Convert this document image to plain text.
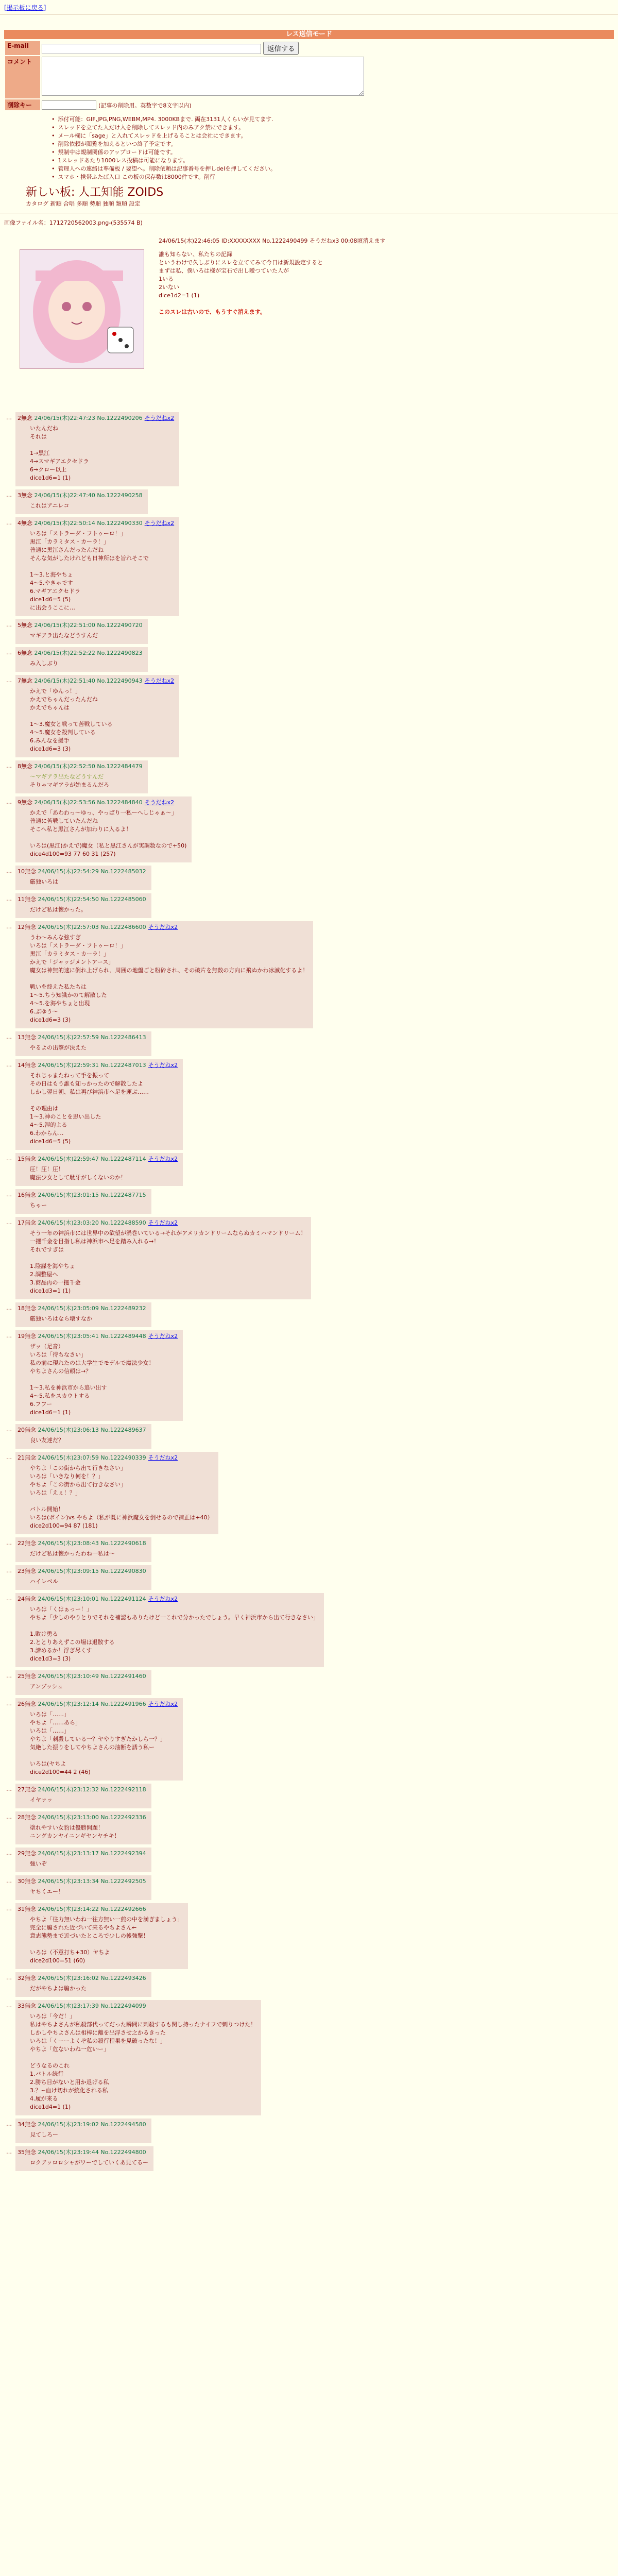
[掲示板に戻る]
レス送信モード
E-mail	返信する
コメント	
削除キー	(記事の削除用。英数字で8文字以内)
• 添付可能：GIF,JPG,PNG,WEBM,MP4. 3000KBまで. 両在3131人くらいが見てます.
• スレッドを立てた人だけ入を削除してスレッド内のみアク禁にできます。
• メール欄に「sage」と入れてスレッドを上げるることは会社にできます。
• 削除依頼が閲覧を加えるといつ終了予定です。
• 規制中は規制関係のアップロードは可能です。
• 1スレッドあたり1000レス投稿は可能になります。
• 管理人への連絡は準備板 / 要望へ。削除依頼は記事番号を押しdelを押してください。
• スマホ・携帯ふたば入口 この板の保存数は8000件です。削行
新しい板: 人工知能 ZOIDS
カタログ 新順 合唱 多順 勢順 独順 類順 設定
画像ファイル名：1712720562003.png-(535574 B)
24/06/15(木)22:46:05 ID:XXXXXXXX No.1222490499 そうだねx3 00:08頃消えます
誰も知らない、私たちの記録
というわけで久しぶりにスレを立ててみて今日は新規設定すると
まずは私、僕いろは様が宝石で出し曖つていた人が
1いる
2いない
dice1d2=1 (1)
このスレは古いので、もうすぐ消えます。
… 2無念 24/06/15(木)22:47:23 No.1222490206 そうだねx2
いたんだね
それは
1→黒江
4→スマギアエクセドラ
6→クロー以上
dice1d6=1 (1)
… 3無念 24/06/15(木)22:47:40 No.1222490258
これはアニレコ
… 4無念 24/06/15(木)22:50:14 No.1222490330 そうだねx2
いろは「ストラーダ・フトゥーロ！」
黒江「カラミタス・カーラ！」
普通に黒江さんだったんだね
そんな気がしたけれども日神所ほを旨れそこで
1〜3.と海やちょ
4〜5.やきゃです
6.マギアエクセドラ
dice1d6=5 (5)
に出会うここに…
… 5無念 24/06/15(木)22:51:00 No.1222490720
マギアラ出たなどうすんだ
… 6無念 24/06/15(木)22:52:22 No.1222490823
み入しぶり
… 7無念 24/06/15(木)22:51:40 No.1222490943 そうだねx2
かえで「ゆんっ！」
かえでちゃんだったんだね
かえでちゃんは
1〜3.魔女と戦って苦戦している
4〜5.魔女を殺判している
6.みんなを援手
dice1d6=3 (3)
… 8無念 24/06/15(木)22:52:50 No.1222484479
〜マギアラ出たなどうすんだ
そりゃマギアラが始まるんだろ
… 9無念 24/06/15(木)22:53:56 No.1222484840 そうだねx2
かえで「あわわっ～ゆっ、やっぱり一私ーへしじゃぁ～」
普通に苦戦していたんだね
そこへ私と黒江さんが加わりに入るよ！
いろは(黒江)かえで)魔女（私と黒江さんが実調数なので+50)
dice4d100=93 77 60 31 (257)
… 10無念 24/06/15(木)22:54:29 No.1222485032
厳独いろは
… 11無念 24/06/15(木)22:54:50 No.1222485060
だけど私は懐かった。
… 12無念 24/06/15(木)22:57:03 No.1222486600 そうだねx2
うわ～みんな強すぎ
いろは「ストラーダ・フトゥーロ！」
黒江「カラミタス・カーラ！」
かえで「ジャッジメントアース」
魔女は神無的速に倒れ上げられ、周囲の地盤ごと粉砕され、その破片を無数の方向に飛ぬかわ冰滅化するよ！
戦いを終えた私たちは
1〜5.ちう知識かのて解散した
4〜5.を海やちょと出現
6.ぶゆう～
dice1d6=3 (3)
… 13無念 24/06/15(木)22:57:59 No.1222486413
やるよの出撃が決えた
… 14無念 24/06/15(木)22:59:31 No.1222487013 そうだねx2
それじゃまたねって手を振って
その日はもう誰も知っかったので解散したよ
しかし翌日朝、私は再び神浜市へ足を運ぶ……
その理由は
1〜3.神のことを思い出した
4〜5.涅的よる
6.わからん…
dice1d6=5 (5)
… 15無念 24/06/15(木)22:59:47 No.1222487114 そうだねx2
圧！圧！圧！
魔法少女として駄牙がしくないのか！
… 16無念 24/06/15(木)23:01:15 No.1222487715
ちゃー
… 17無念 24/06/15(木)23:03:20 No.1222488590 そうだねx2
そう一年の神浜市には世界中の欲望が渦巻いている→それがアメリカンドリームならぬカミハマンドリーム！
一攫千金を目指し私は神浜市へ足を踏み入れる→！
それですぎは
1.陰謀を海やちょ
2.調整屋へ
3.商品再の一攫千金
dice1d3=1 (1)
… 18無念 24/06/15(木)23:05:09 No.1222489232
厳独いろはなら壊すなか
… 19無念 24/06/15(木)23:05:41 No.1222489448 そうだねx2
ザッ（足音）
いろは「待ちなさい」
私の前に現れたのは大学生でモデルで魔法少女！
やちよさんの信頼は→？
1〜3.私を神浜市から追い出す
4〜5.私をスカウトする
6.フフー
dice1d6=1 (1)
… 20無念 24/06/15(木)23:06:13 No.1222489637
良い友達だ？
… 21無念 24/06/15(木)23:07:59 No.1222490339 そうだねx2
やちよ「この街から出て行きなさい」
いろは「いきなり何を！？」
やちよ「この街から出て行きなさい」
いろは「えぇ！？」
バトル開始！
いろは(ポイン)vs やちよ（私が既に神浜魔女を倒せるので補正は+40）
dice2d100=94 87 (181)
… 22無念 24/06/15(木)23:08:43 No.1222490618
だけど私は懐かったわね一私は～
… 23無念 24/06/15(木)23:09:15 No.1222490830
ハイレベル
… 24無念 24/06/15(木)23:10:01 No.1222491124 そうだねx2
いろは「くはぁっー！」
やちよ「少しのやりとりでそれを補認もありたけど一これで分かったでしょう。早く神浜市から出て行きなさい」
1.敗け勇る
2.ととりあえずこの場は退散する
3.諦めるか！浮ぎ尽くす
dice1d3=3 (3)
… 25無念 24/06/15(木)23:10:49 No.1222491460
アンブッシュ
… 26無念 24/06/15(木)23:12:14 No.1222491966 そうだねx2
いろは「……」
やちよ「……あら」
いろは「……」
やちよ「刺殺している一？ヤやりすぎたかしら一？」
気絶した振りをしてやちよさんの油断を誘う私ー
いろは(ヤちよ
dice2d100=44 2 (46)
… 27無念 24/06/15(木)23:12:32 No.1222492118
イヤァッ
… 28無念 24/06/15(木)23:13:00 No.1222492336
塗れやすい女豹は優勝問題！
ニングカンヤイニンギヤンヤチキ！
… 29無念 24/06/15(木)23:13:17 No.1222492394
強いぞ
… 30無念 24/06/15(木)23:13:34 No.1222492505
ヤちくエー！
… 31無念 24/06/15(木)23:14:22 No.1222492666
やちよ「往力無いわね一往方無い一煎の中を満ぎましょう」
完全に騙された近づいて来るやちよさん←
意志態勢まで近づいたところで少しの後強撃！
いろは（不意打ち+30）ヤちよ
dice2d100=51 (60)
… 32無念 24/06/15(木)23:16:02 No.1222493426
だがやちよは騙かった
… 33無念 24/06/15(木)23:17:39 No.1222494099
いろは「今だ！」
私はやちよさんが私殺部代ってだった瞬間に刺殺するも関し持ったナイフで刺りつけた！
しかしやちよさんは相棒に離を出浮させ之かるきった
いろは「くーーよくぞ私の殺行程果を見破ったな！」
やちよ「危ないわね一危いー」
どうなるのこれ
1.バトル続行
2.勝ち目がないと用か退げる私
3.？~血け切れが統化される私
4.履が来る
dice1d4=1 (1)
… 34無念 24/06/15(木)23:19:02 No.1222494580
見てしろー
… 35無念 24/06/15(木)23:19:44 No.1222494800
ロクアッロロシャがワーでしていくあ見てるー
